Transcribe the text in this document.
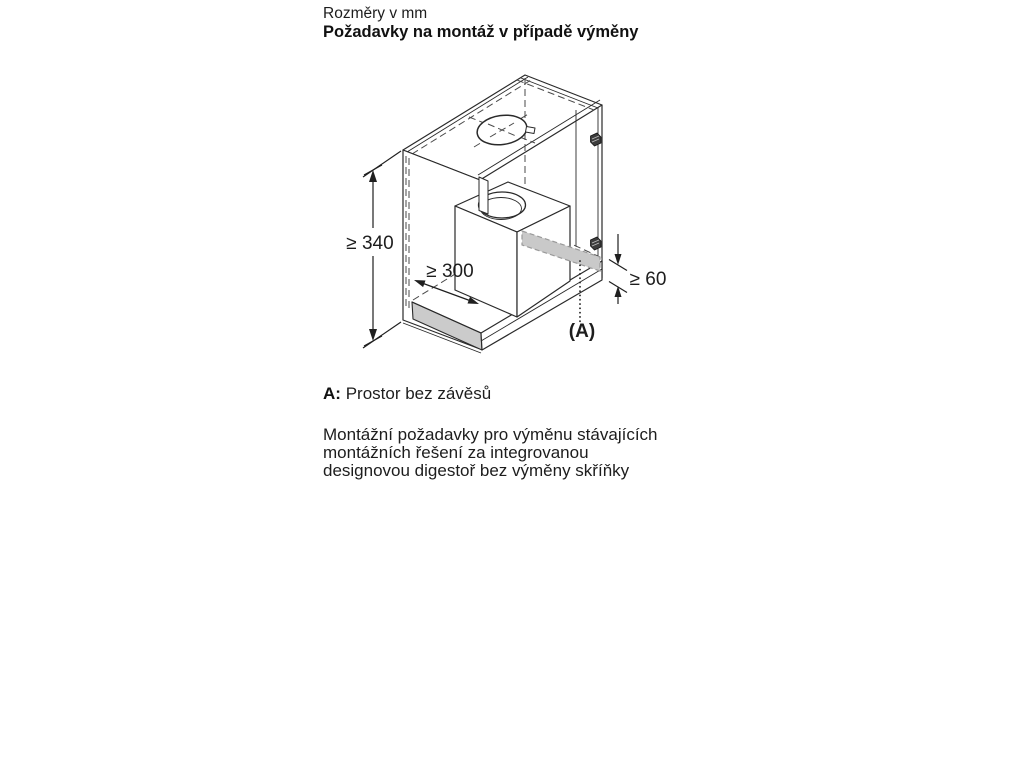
Rozměry v mm
Požadavky na montáž v případě výměny
(A)
≥ 340
≥ 300	≥ 60
A: Prostor bez závěsů
Montážní požadavky pro výměnu stávajících
montážních řešení za integrovanou
designovou digestoř bez výměny skříňky
